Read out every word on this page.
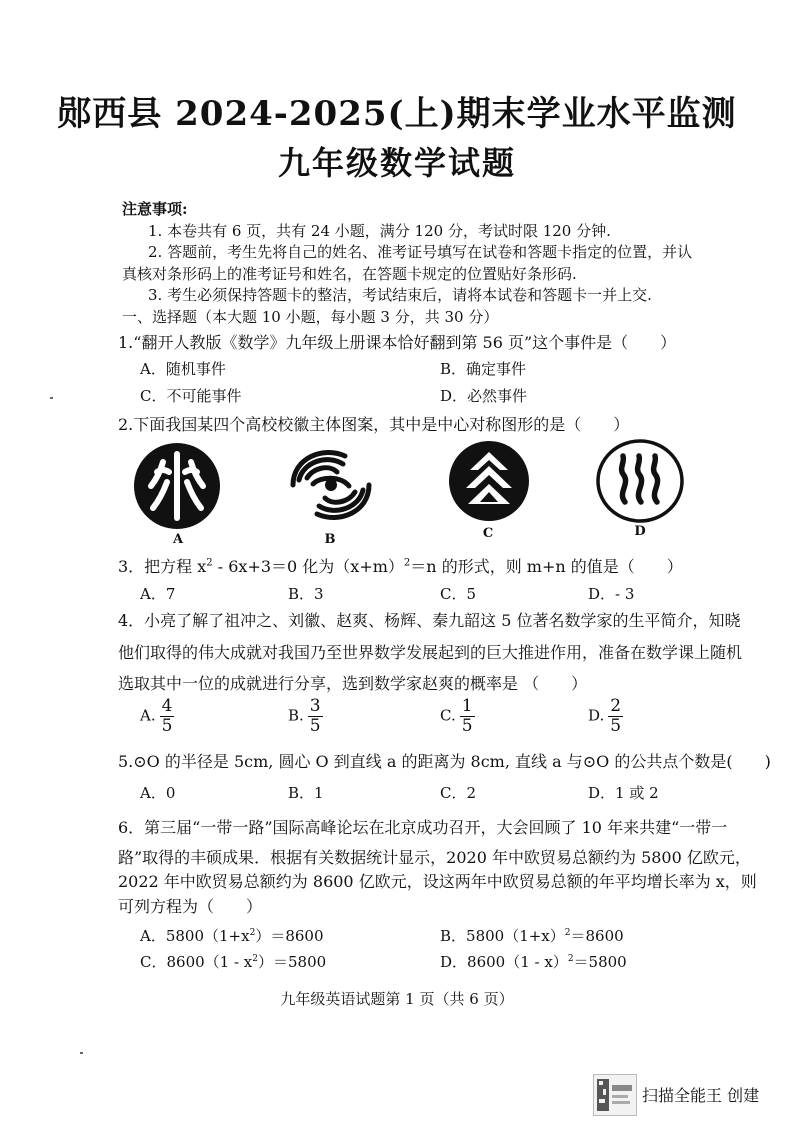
郧西县 2024-2025(上)期末学业水平监测
九年级数学试题
注意事项:
1. 本卷共有 6 页，共有 24 小题，满分 120 分，考试时限 120 分钟.
2. 答题前，考生先将自己的姓名、准考证号填写在试卷和答题卡指定的位置，并认
真核对条形码上的准考证号和姓名，在答题卡规定的位置贴好条形码.
3. 考生必须保持答题卡的整洁，考试结束后，请将本试卷和答题卡一并上交.
一、选择题（本大题 10 小题，每小题 3 分，共 30 分）
1.“翻开人教版《数学》九年级上册课本恰好翻到第 56 页”这个事件是（　　）
A．随机事件	B．确定事件
C．不可能事件	D．必然事件
2.下面我国某四个高校校徽主体图案，其中是中心对称图形的是（　　）
A	B	C	D
3．把方程 $x^2 - 6x+3=0$ 化为$(x+m)^2=n$ 的形式，则 m+n 的值是（　　）
A．7	B．3	C．5	D．- 3
4．小亮了解了祖冲之、刘徽、赵爽、杨辉、秦九韶这 5 位著名数学家的生平简介，知晓
他们取得的伟大成就对我国乃至世界数学发展起到的巨大推进作用，准备在数学课上随机
选取其中一位的成就进行分享，选到数学家赵爽的概率是 （　　）
A. $\frac{4}{5}$	B. $\frac{3}{5}$	C. $\frac{1}{5}$	D. $\frac{2}{5}$
5.⊙O 的半径是 5cm, 圆心 O 到直线 a 的距离为 8cm, 直线 a 与⊙O 的公共点个数是(　　)
A．0	B．1	C．2	D．1 或 2
6．第三届“一带一路”国际高峰论坛在北京成功召开，大会回顾了 10 年来共建“一带一
路”取得的丰硕成果．根据有关数据统计显示，2020 年中欧贸易总额约为 5800 亿欧元，
2022 年中欧贸易总额约为 8600 亿欧元，设这两年中欧贸易总额的年平均增长率为 x，则
可列方程为（　　）
A．$5800(1+x^2)=8600$	B．$5800(1+x)^2=8600$
C．$8600(1 - x^2)=5800$	D．8600（1 - x）$^2$＝5800
九年级英语试题第 1 页（共 6 页）
扫描全能王 创建
